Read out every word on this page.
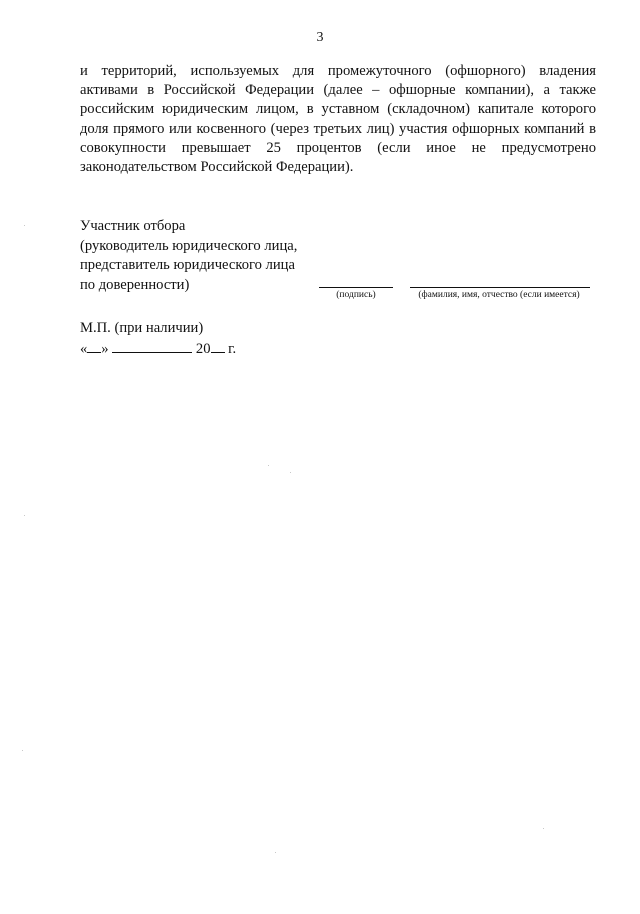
3
и территорий, используемых для промежуточного (офшорного) владения активами в Российской Федерации (далее – офшорные компании), а также российским юридическим лицом, в уставном (складочном) капитале которого доля прямого или косвенного (через третьих лиц) участия офшорных компаний в совокупности превышает 25 процентов (если иное не предусмотрено законодательством Российской Федерации).
Участник отбора
(руководитель юридического лица,
представитель юридического лица
по доверенности)
(подпись)	(фамилия, имя, отчество (если имеется)
М.П. (при наличии)
« »	20 г.
